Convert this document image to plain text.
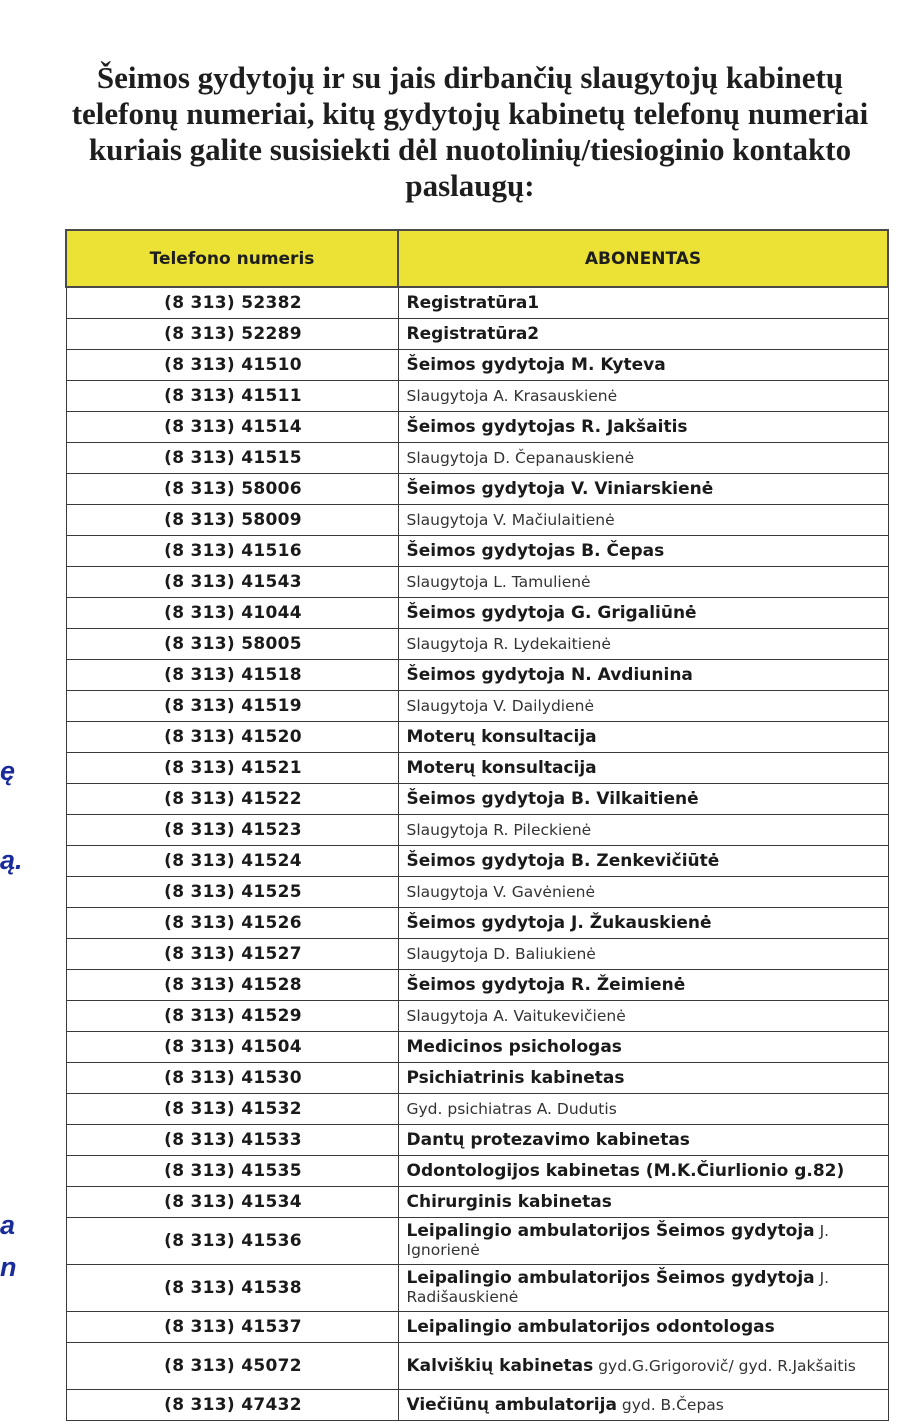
Šeimos gydytojų ir su jais dirbančių slaugytojų kabinetų
telefonų numeriai, kitų gydytojų kabinetų telefonų numeriai
kuriais galite susisiekti dėl nuotolinių/tiesioginio kontakto
paslaugų:
ę
ą.
a
n
Telefono numeris	ABONENTAS
(8 313) 52382	Registratūra1
(8 313) 52289	Registratūra2
(8 313) 41510	Šeimos gydytoja M. Kyteva
(8 313) 41511	Slaugytoja A. Krasauskienė
(8 313) 41514	Šeimos gydytojas R. Jakšaitis
(8 313) 41515	Slaugytoja D. Čepanauskienė
(8 313) 58006	Šeimos gydytoja V. Viniarskienė
(8 313) 58009	Slaugytoja V. Mačiulaitienė
(8 313) 41516	Šeimos gydytojas B. Čepas
(8 313) 41543	Slaugytoja L. Tamulienė
(8 313) 41044	Šeimos gydytoja G. Grigaliūnė
(8 313) 58005	Slaugytoja R. Lydekaitienė
(8 313) 41518	Šeimos gydytoja N. Avdiunina
(8 313) 41519	Slaugytoja V. Dailydienė
(8 313) 41520	Moterų konsultacija
(8 313) 41521	Moterų konsultacija
(8 313) 41522	Šeimos gydytoja B. Vilkaitienė
(8 313) 41523	Slaugytoja R. Pileckienė
(8 313) 41524	Šeimos gydytoja B. Zenkevičiūtė
(8 313) 41525	Slaugytoja V. Gavėnienė
(8 313) 41526	Šeimos gydytoja J. Žukauskienė
(8 313) 41527	Slaugytoja D. Baliukienė
(8 313) 41528	Šeimos gydytoja R. Žeimienė
(8 313) 41529	Slaugytoja A. Vaitukevičienė
(8 313) 41504	Medicinos psichologas
(8 313) 41530	Psichiatrinis kabinetas
(8 313) 41532	Gyd. psichiatras A. Dudutis
(8 313) 41533	Dantų protezavimo kabinetas
(8 313) 41535	Odontologijos kabinetas (M.K.Čiurlionio g.82)
(8 313) 41534	Chirurginis kabinetas
(8 313) 41536	Leipalingio ambulatorijos Šeimos gydytoja J. Ignorienė
(8 313) 41538	Leipalingio ambulatorijos Šeimos gydytoja J. Radišauskienė
(8 313) 41537	Leipalingio ambulatorijos odontologas
(8 313) 45072	Kalviškių kabinetas gyd.G.Grigorovič/ gyd. R.Jakšaitis
(8 313) 47432	Viečiūnų ambulatorija gyd. B.Čepas
